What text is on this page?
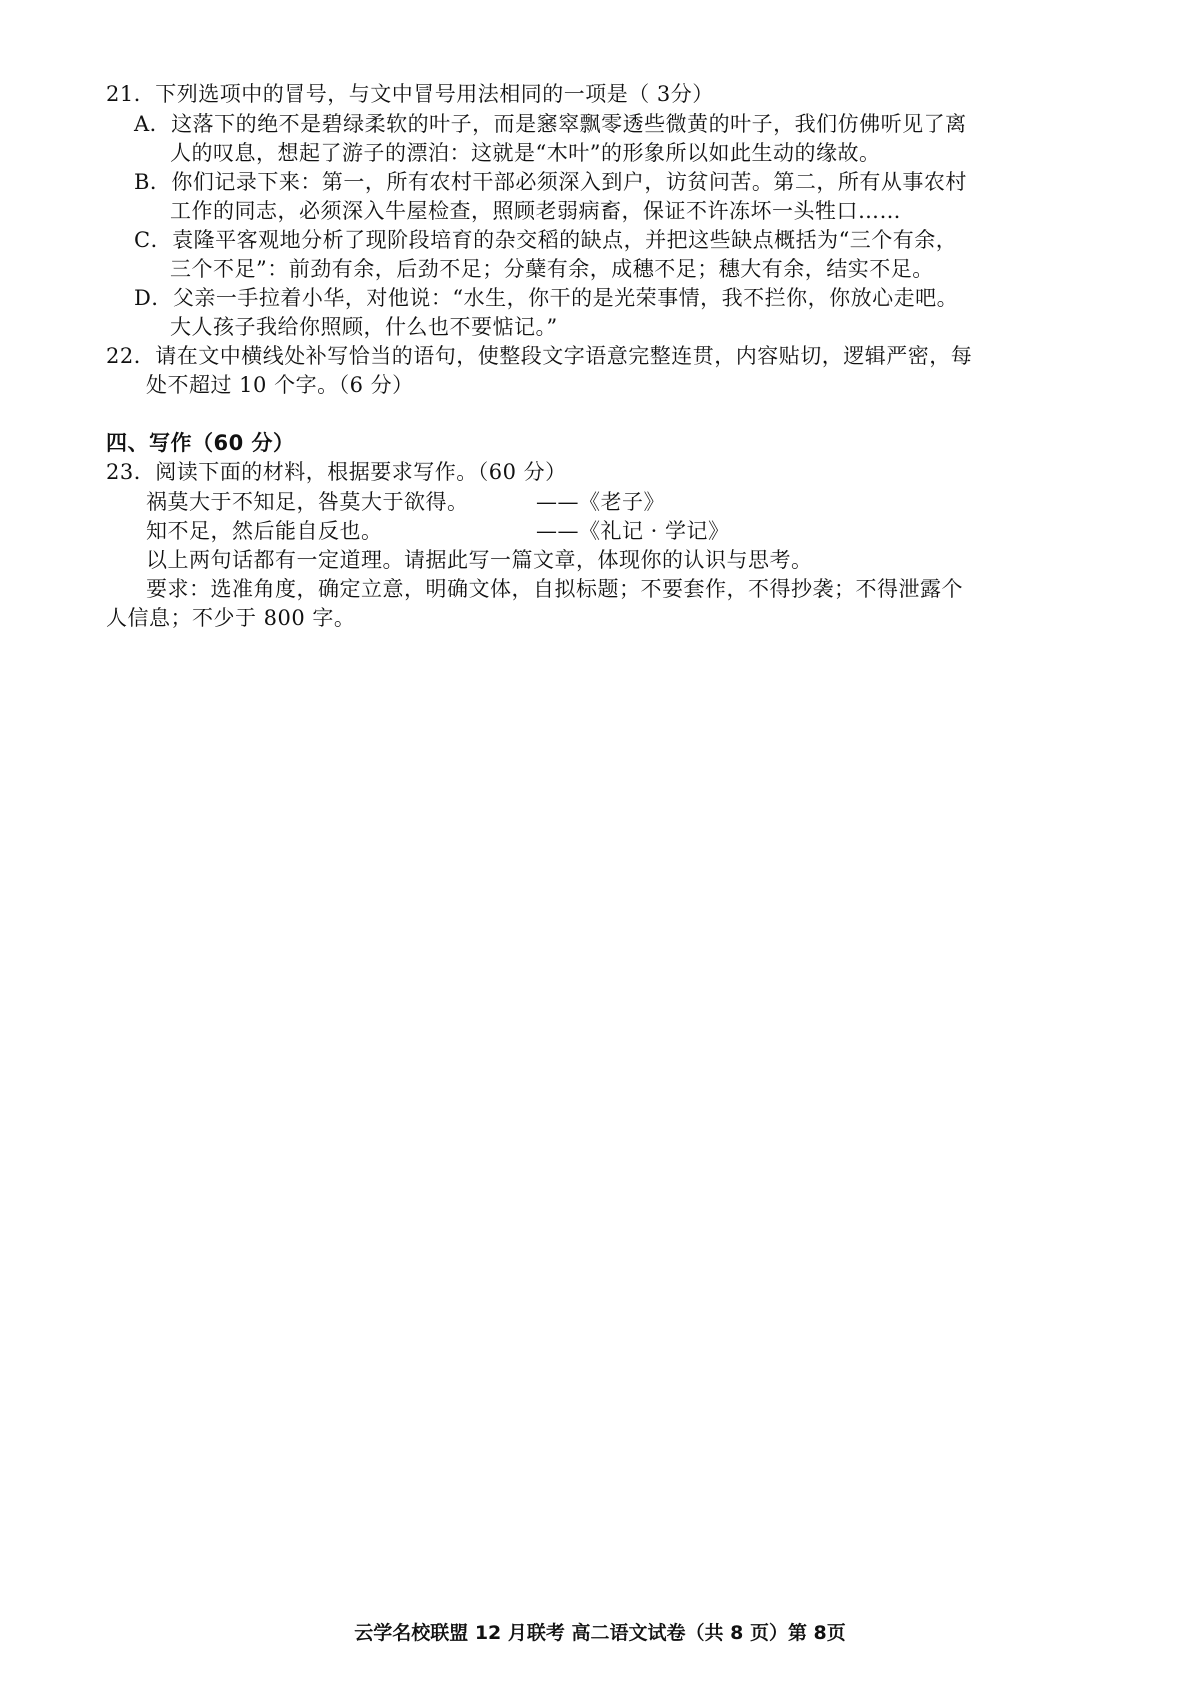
21．下列选项中的冒号，与文中冒号用法相同的一项是（ 3分）
A．这落下的绝不是碧绿柔软的叶子，而是窸窣飘零透些微黄的叶子，我们仿佛听见了离
人的叹息，想起了游子的漂泊：这就是“木叶”的形象所以如此生动的缘故。
B．你们记录下来：第一，所有农村干部必须深入到户，访贫问苦。第二，所有从事农村
工作的同志，必须深入牛屋检查，照顾老弱病畜，保证不许冻坏一头牲口……
C．袁隆平客观地分析了现阶段培育的杂交稻的缺点，并把这些缺点概括为“三个有余，
三个不足”：前劲有余，后劲不足；分蘖有余，成穗不足；穗大有余，结实不足。
D．父亲一手拉着小华，对他说：“水生，你干的是光荣事情，我不拦你，你放心走吧。
大人孩子我给你照顾，什么也不要惦记。”
22．请在文中横线处补写恰当的语句，使整段文字语意完整连贯，内容贴切，逻辑严密，每
处不超过 10 个字。（6 分）
四、写作（60 分）
23．阅读下面的材料，根据要求写作。（60 分）
祸莫大于不知足，咎莫大于欲得。	——《老子》
知不足，然后能自反也。	——《礼记 · 学记》
以上两句话都有一定道理。请据此写一篇文章，体现你的认识与思考。
要求：选准角度，确定立意，明确文体，自拟标题；不要套作，不得抄袭；不得泄露个
人信息；不少于 800 字。
云学名校联盟 12 月联考 高二语文试卷（共 8 页）第 8页
